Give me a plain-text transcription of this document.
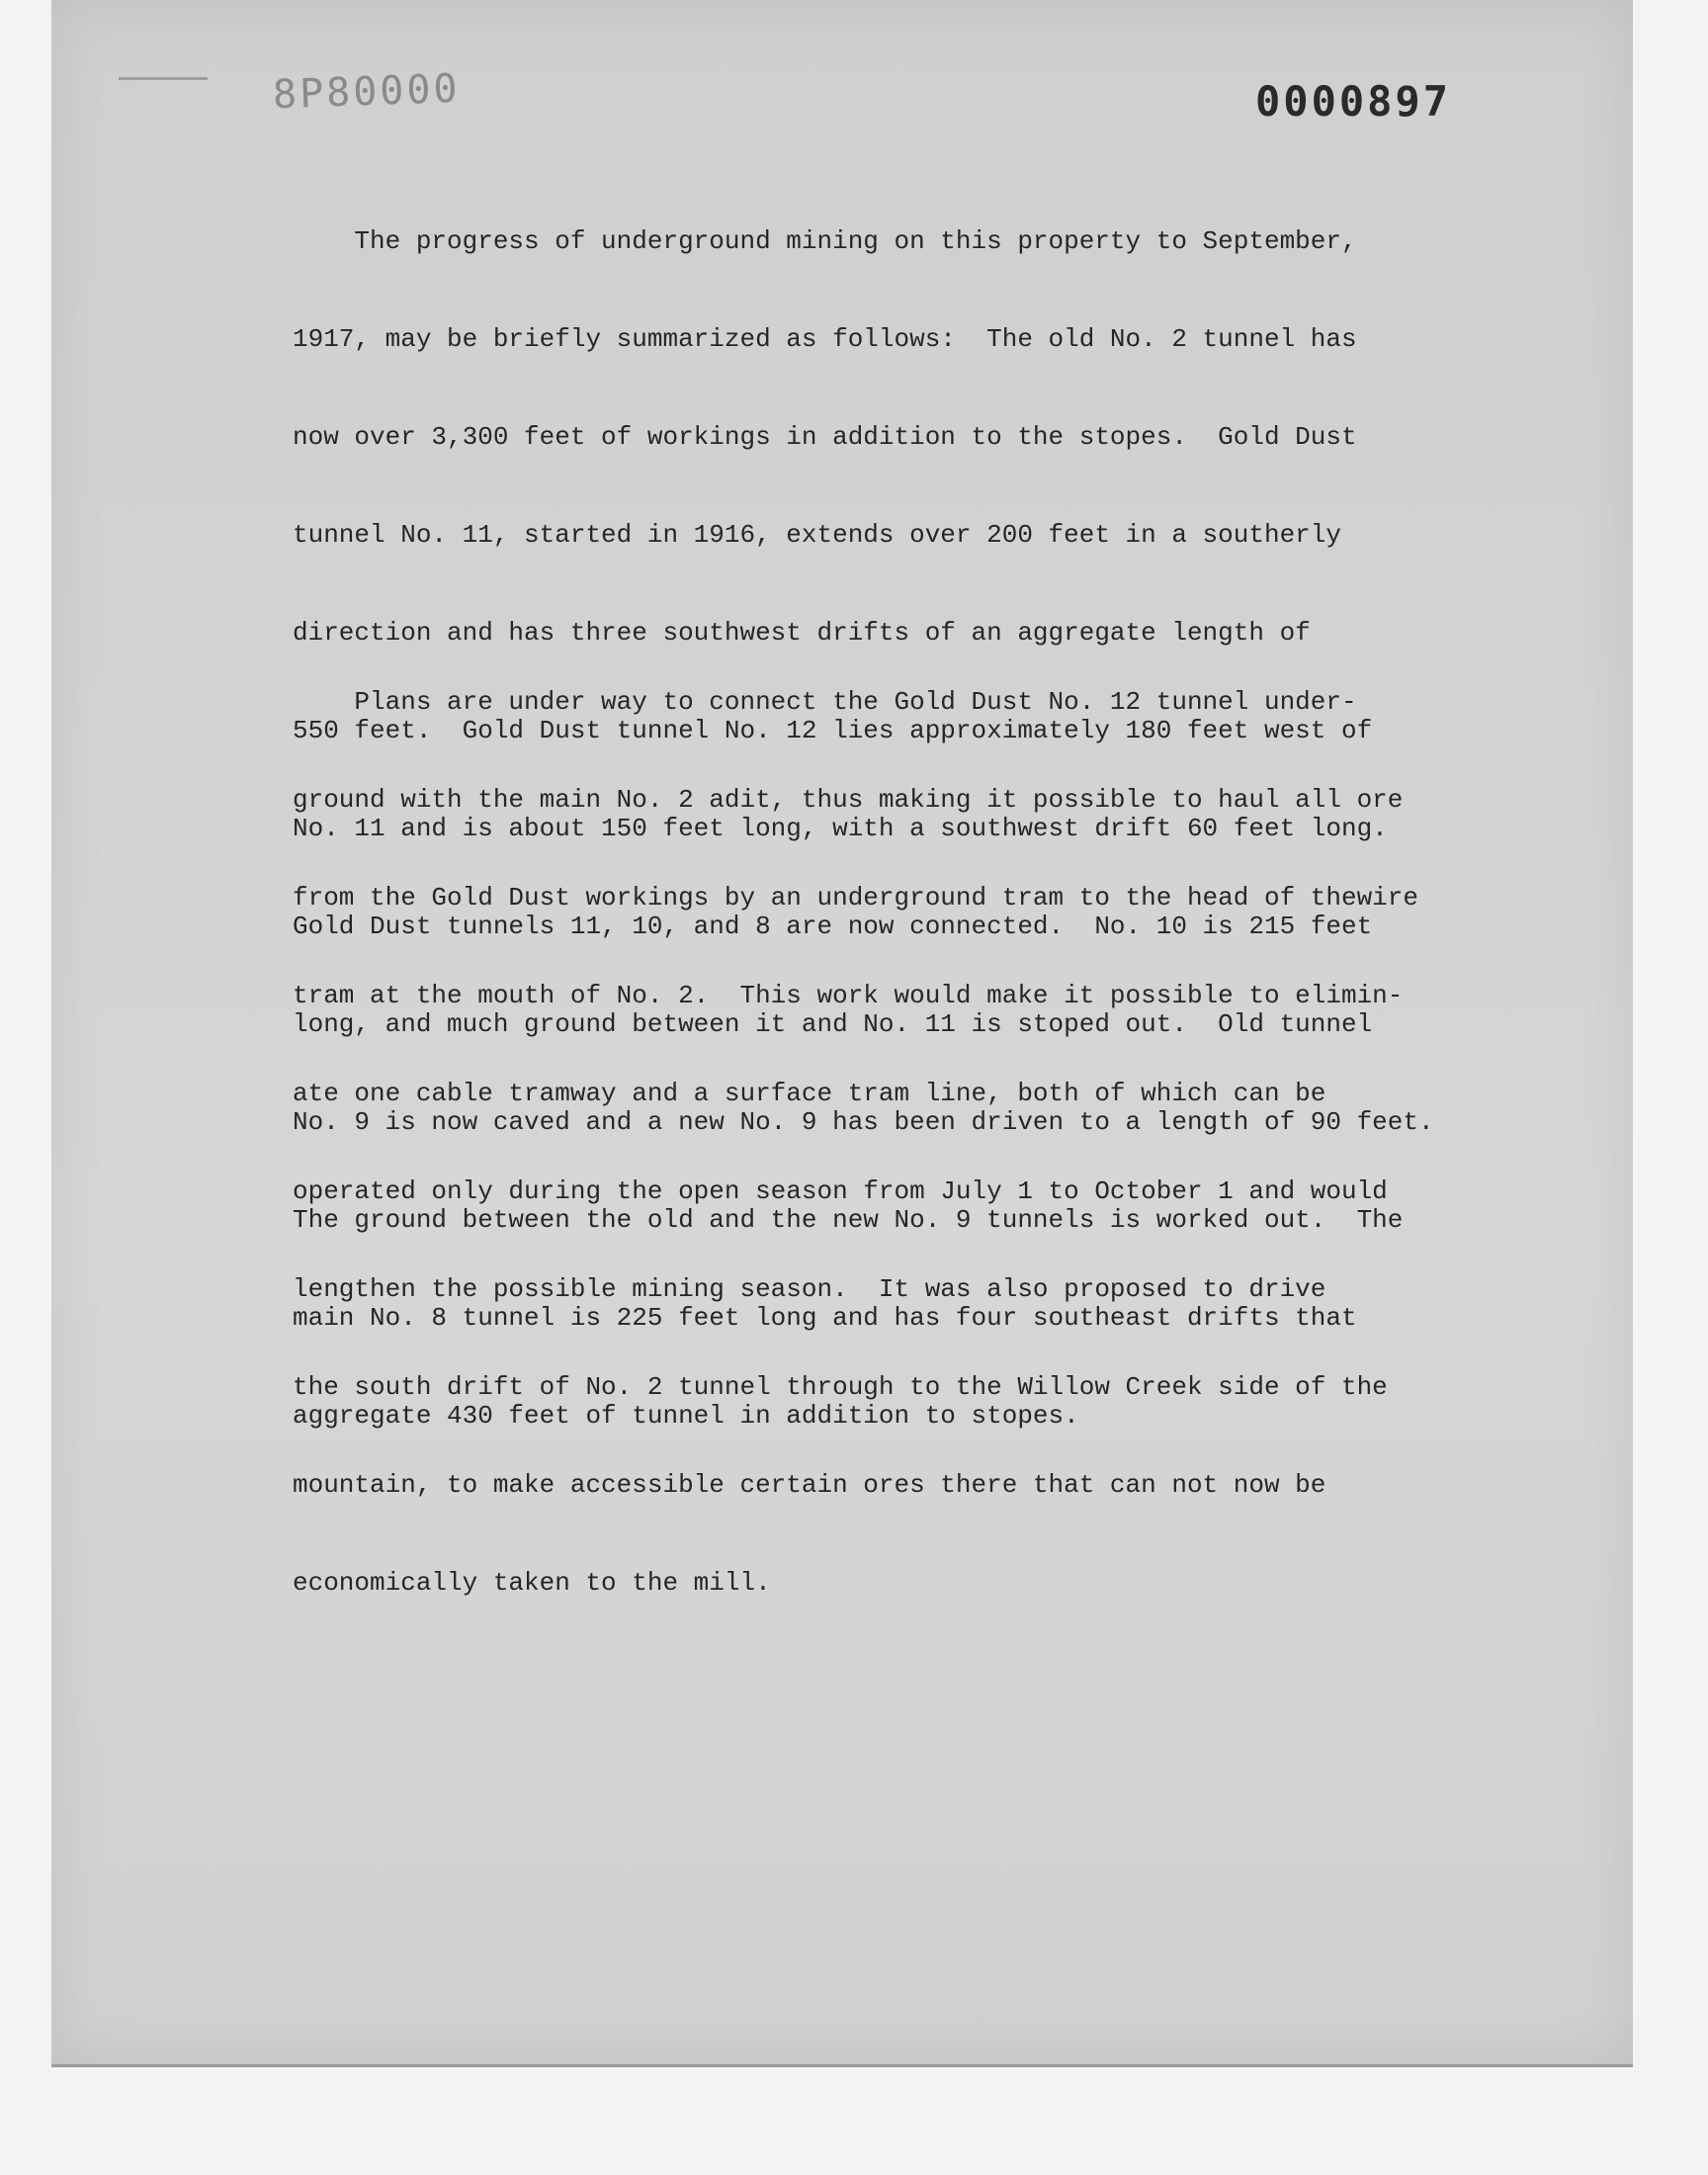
8P80000	0000897

The progress of underground mining on this property to September,

1917, may be briefly summarized as follows:  The old No. 2 tunnel has

now over 3,300 feet of workings in addition to the stopes.  Gold Dust

tunnel No. 11, started in 1916, extends over 200 feet in a southerly

direction and has three southwest drifts of an aggregate length of

550 feet.  Gold Dust tunnel No. 12 lies approximately 180 feet west of

No. 11 and is about 150 feet long, with a southwest drift 60 feet long.

Gold Dust tunnels 11, 10, and 8 are now connected.  No. 10 is 215 feet

long, and much ground between it and No. 11 is stoped out.  Old tunnel

No. 9 is now caved and a new No. 9 has been driven to a length of 90 feet.

The ground between the old and the new No. 9 tunnels is worked out.  The

main No. 8 tunnel is 225 feet long and has four southeast drifts that

aggregate 430 feet of tunnel in addition to stopes.

Plans are under way to connect the Gold Dust No. 12 tunnel under-

ground with the main No. 2 adit, thus making it possible to haul all ore

from the Gold Dust workings by an underground tram to the head of thewire

tram at the mouth of No. 2.  This work would make it possible to elimin-

ate one cable tramway and a surface tram line, both of which can be

operated only during the open season from July 1 to October 1 and would

lengthen the possible mining season.  It was also proposed to drive

the south drift of No. 2 tunnel through to the Willow Creek side of the

mountain, to make accessible certain ores there that can not now be

economically taken to the mill.
